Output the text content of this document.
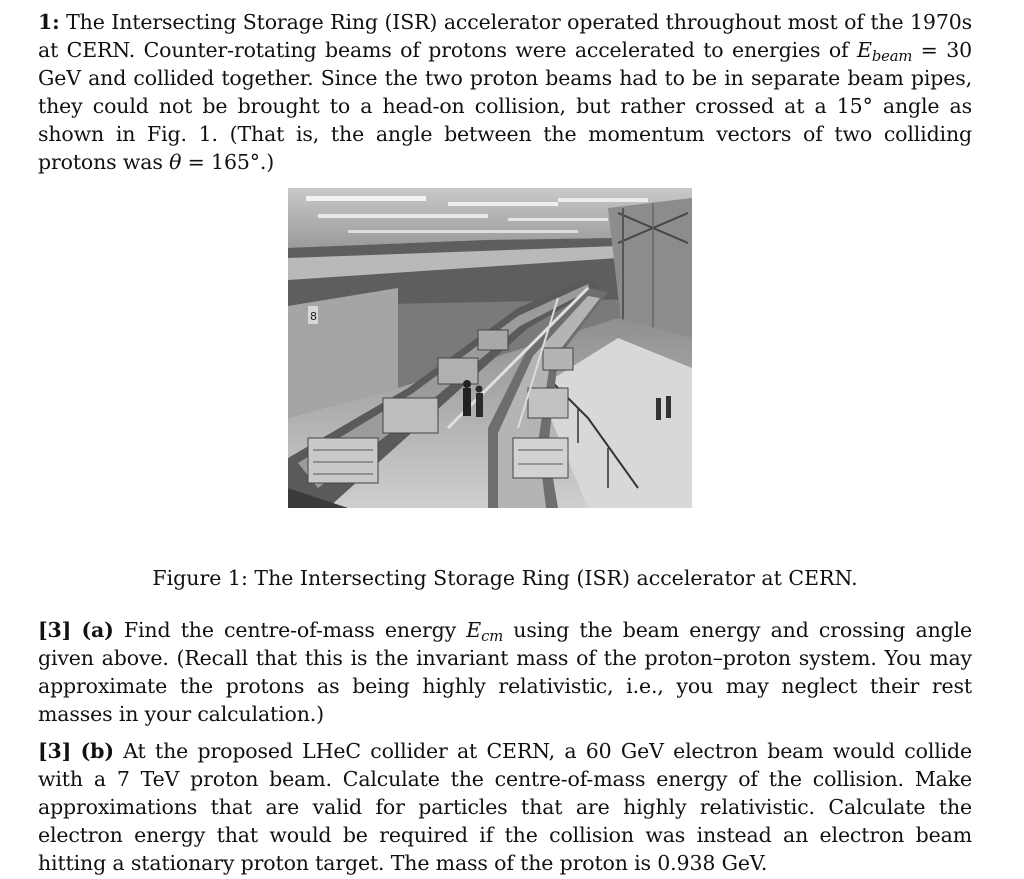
1: The Intersecting Storage Ring (ISR) accelerator operated throughout most of the 1970s at CERN. Counter-rotating beams of protons were accelerated to energies of $E_{beam} = 30$ GeV and collided together. Since the two proton beams had to be in separate beam pipes, they could not be brought to a head-on collision, but rather crossed at a 15° angle as shown in Fig. 1. (That is, the angle between the momentum vectors of two colliding protons was θ = 165°.)

8
Figure 1: The Intersecting Storage Ring (ISR) accelerator at CERN.

[3] (a) Find the centre-of-mass energy $E_{cm}$ using the beam energy and crossing angle given above. (Recall that this is the invariant mass of the proton–proton system. You may approximate the protons as being highly relativistic, i.e., you may neglect their rest masses in your calculation.)

[3] (b) At the proposed LHeC collider at CERN, a 60 GeV electron beam would collide with a 7 TeV proton beam. Calculate the centre-of-mass energy of the collision. Make approximations that are valid for particles that are highly relativistic. Calculate the electron energy that would be required if the collision was instead an electron beam hitting a stationary proton target. The mass of the proton is 0.938 GeV.
